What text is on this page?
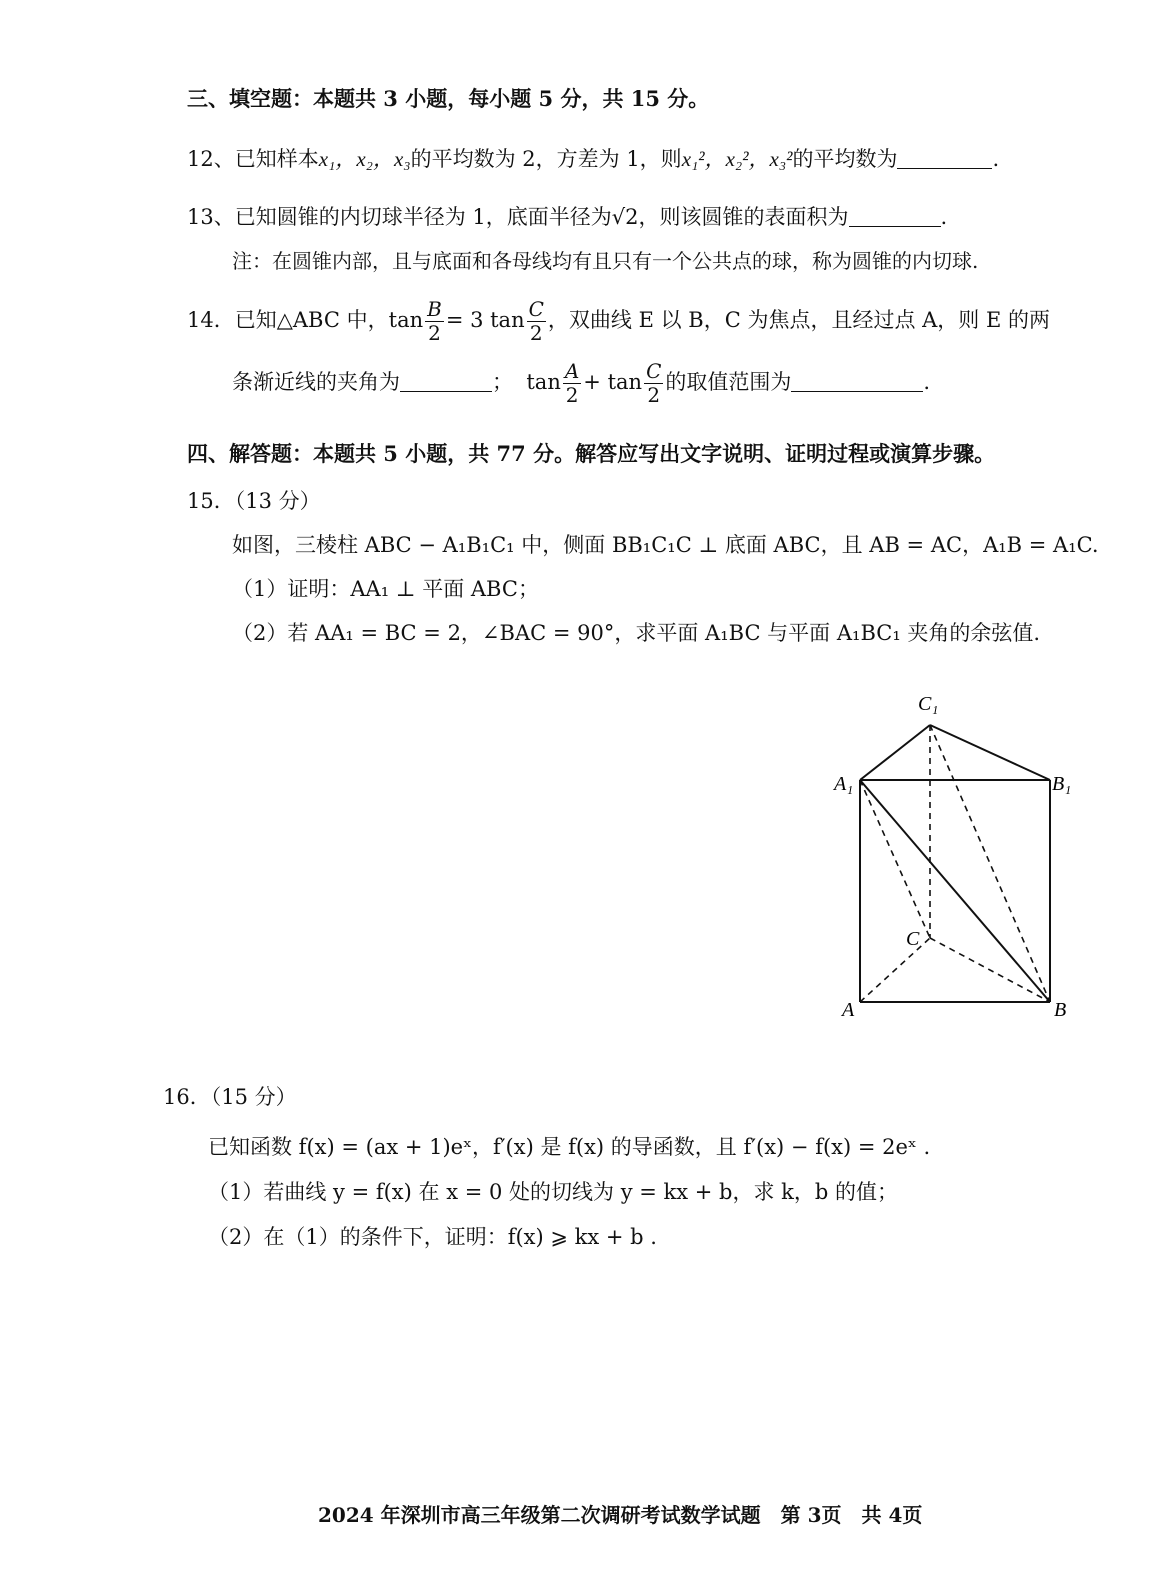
三、填空题：本题共 3 小题，每小题 5 分，共 15 分。
12、已知样本x₁，x₂，x₃的平均数为 2，方差为 1，则x₁²，x₂²，x₃²的平均数为	.
13、已知圆锥的内切球半径为 1，底面半径为√2，则该圆锥的表面积为	.
注：在圆锥内部，且与底面和各母线均有且只有一个公共点的球，称为圆锥的内切球.
14．已知△ABC 中，$\tan \frac{B}{2} = 3$ $\tan \frac{C}{2}$ ，双曲线 E 以 B，C 为焦点，且经过点 A，则 E 的两
条渐近线的夹角为	； $\tan \frac{A}{2} + \tan \frac{C}{2}$ 的取值范围为	.
四、解答题：本题共 5 小题，共 77 分。解答应写出文字说明、证明过程或演算步骤。
15．（13 分）
如图，三棱柱 ABC − A₁B₁C₁ 中，侧面 BB₁C₁C ⊥ 底面 ABC，且 AB = AC，A₁B = A₁C.
（1）证明：AA₁ ⊥ 平面 ABC；
（2）若 AA₁ = BC = 2，∠BAC = 90°，求平面 A₁BC 与平面 A₁BC₁ 夹角的余弦值.
C₁
A₁	B₁
C
A	B
16．（15 分）
已知函数 f(x) = (ax + 1)eˣ，f′(x) 是 f(x) 的导函数，且 f′(x) − f(x) = 2eˣ .
（1）若曲线 y = f(x) 在 x = 0 处的切线为 y = kx + b，求 k，b 的值；
（2）在（1）的条件下，证明：f(x) ⩾ kx + b .
2024 年深圳市高三年级第二次调研考试数学试题　第 3页　共 4页
